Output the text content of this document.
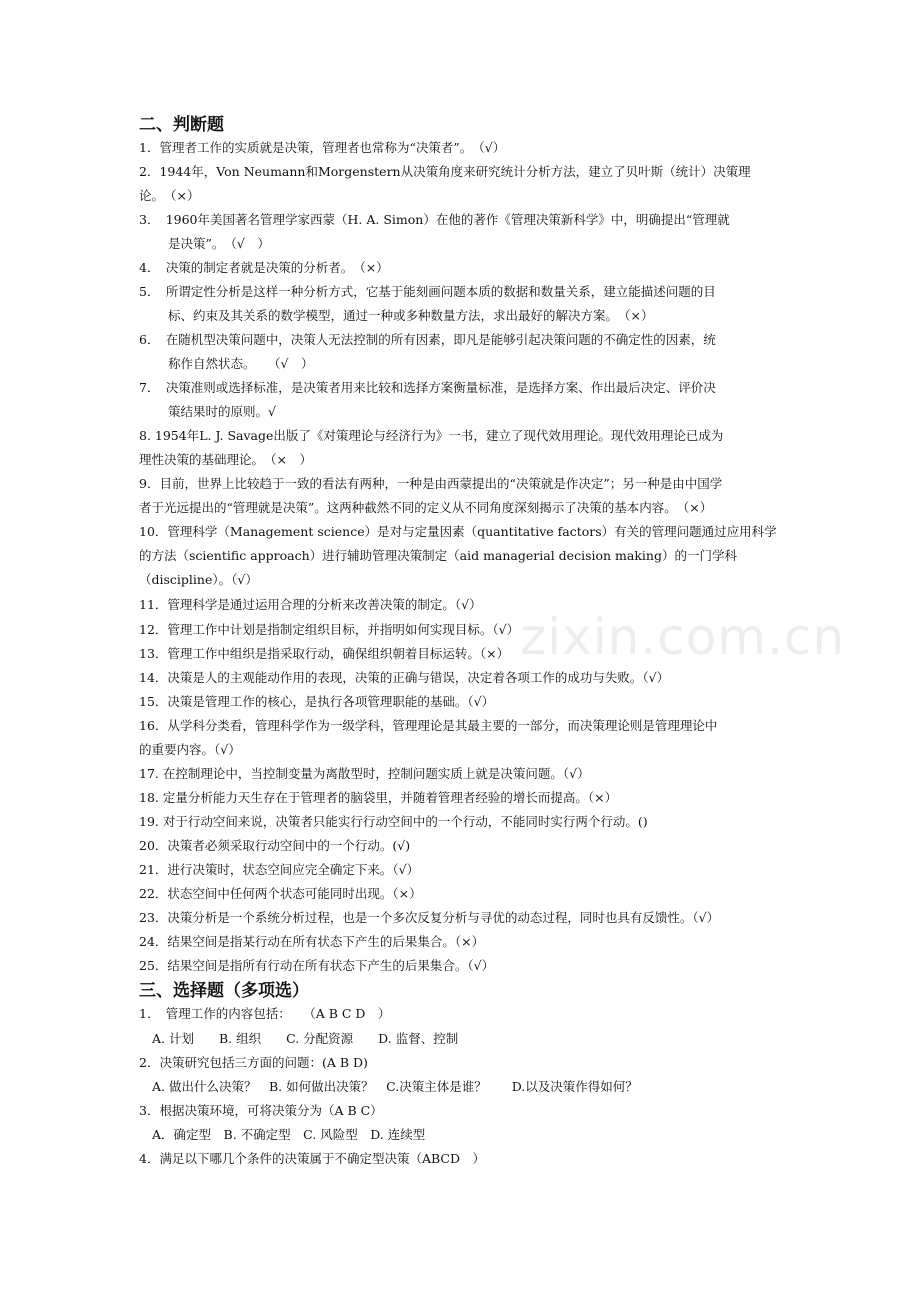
zixin.com.cn
二、判断题
1．管理者工作的实质就是决策，管理者也常称为“决策者”。　（√）
2．1944年，Von Neumann和Morgenstern从决策角度来研究统计分析方法，建立了贝叶斯（统计）决策理
论。　（×）
3．　1960年美国著名管理学家西蒙（H. A. Simon）在他的著作《管理决策新科学》中，明确提出“管理就
是决策”。　（√　）
4．　决策的制定者就是决策的分析者。　（×）
5．　所谓定性分析是这样一种分析方式，它基于能刻画问题本质的数据和数量关系，建立能描述问题的目
标、约束及其关系的数学模型，通过一种或多种数量方法，求出最好的解决方案。　（×）
6．　在随机型决策问题中，决策人无法控制的所有因素，即凡是能够引起决策问题的不确定性的因素，统
称作自然状态。　　（√　）
7．　决策准则或选择标准，是决策者用来比较和选择方案衡量标准，是选择方案、作出最后决定、评价决
策结果时的原则。√
8. 1954年L. J. Savage出版了《对策理论与经济行为》一书，建立了现代效用理论。现代效用理论已成为
理性决策的基础理论。　（×　）
9．目前，世界上比较趋于一致的看法有两种，一种是由西蒙提出的“决策就是作决定”；另一种是由中国学
者于光远提出的“管理就是决策”。这两种截然不同的定义从不同角度深刻揭示了决策的基本内容。　（×）
10．管理科学（Management science）是对与定量因素（quantitative factors）有关的管理问题通过应用科学
的方法（scientific approach）进行辅助管理决策制定（aid managerial decision making）的一门学科
（discipline）。（√）
11．管理科学是通过运用合理的分析来改善决策的制定。（√）
12．管理工作中计划是指制定组织目标，并指明如何实现目标。（√）
13．管理工作中组织是指采取行动，确保组织朝着目标运转。（×）
14．决策是人的主观能动作用的表现，决策的正确与错误，决定着各项工作的成功与失败。（√）
15．决策是管理工作的核心，是执行各项管理职能的基础。（√）
16．从学科分类看，管理科学作为一级学科，管理理论是其最主要的一部分，而决策理论则是管理理论中
的重要内容。（√）
17. 在控制理论中，当控制变量为离散型时，控制问题实质上就是决策问题。（√）
18. 定量分析能力天生存在于管理者的脑袋里，并随着管理者经验的增长而提高。（×）
19. 对于行动空间来说，决策者只能实行行动空间中的一个行动，不能同时实行两个行动。()
20．决策者必须采取行动空间中的一个行动。(√)
21．进行决策时，状态空间应完全确定下来。（√）
22．状态空间中任何两个状态可能同时出现。（×）
23．决策分析是一个系统分析过程，也是一个多次反复分析与寻优的动态过程，同时也具有反馈性。（√）
24．结果空间是指某行动在所有状态下产生的后果集合。（×）
25．结果空间是指所有行动在所有状态下产生的后果集合。（√）
三、选择题（多项选）
1．　管理工作的内容包括：　　（A B C D　）
A. 计划　　B. 组织　　C. 分配资源　　D. 监督、控制
2．决策研究包括三方面的问题：(A B D)
A. 做出什么决策？　B. 如何做出决策？　C.决策主体是谁？　　D.以及决策作得如何？
3．根据决策环境，可将决策分为（A B C）
A．确定型　B. 不确定型　C. 风险型　D. 连续型
4．满足以下哪几个条件的决策属于不确定型决策（ABCD　）
